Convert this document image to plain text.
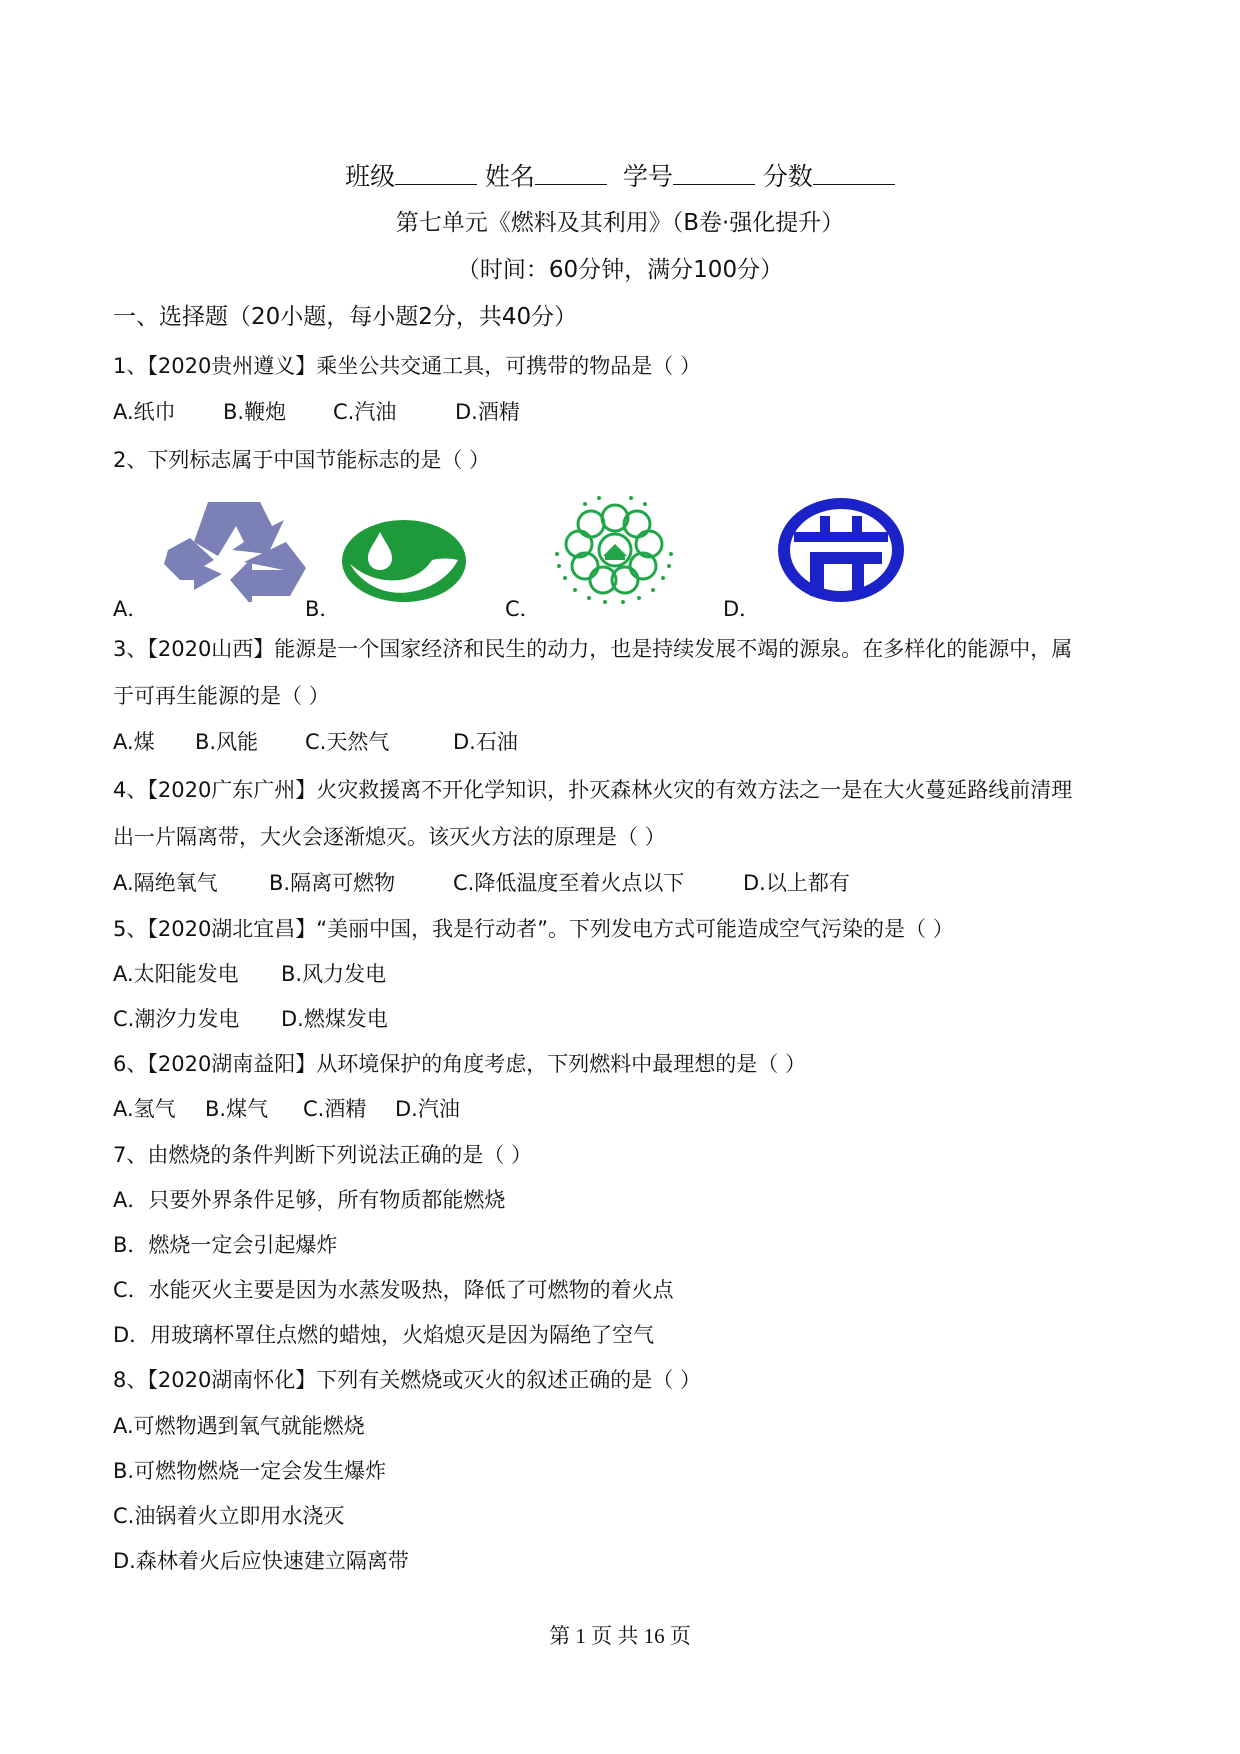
班级	姓名	学号	分数
第七单元《燃料及其利用》（B卷·强化提升）
（时间：60分钟，满分100分）
一、选择题（20小题，每小题2分，共40分）
1、【2020贵州遵义】乘坐公共交通工具，可携带的物品是（ ）
A.纸巾 B.鞭炮 C.汽油	D.酒精
2、下列标志属于中国节能标志的是（ ）
A．	B．	C．	D．
3、【2020山西】能源是一个国家经济和民生的动力，也是持续发展不竭的源泉。在多样化的能源中，属
于可再生能源的是（ ）
A.煤 B.风能 C.天然气	D.石油
4、【2020广东广州】火灾救援离不开化学知识，扑灭森林火灾的有效方法之一是在大火蔓延路线前清理
出一片隔离带，大火会逐渐熄灭。该灭火方法的原理是（ ）
A.隔绝氧气 B.隔离可燃物	C.降低温度至着火点以下	D.以上都有
5、【2020湖北宜昌】“美丽中国，我是行动者”。下列发电方式可能造成空气污染的是（ ）
A.太阳能发电 B.风力发电
C.潮汐力发电 D.燃煤发电
6、【2020湖南益阳】从环境保护的角度考虑，下列燃料中最理想的是（ ）
A.氢气 B.煤气 C.酒精 D.汽油
7、由燃烧的条件判断下列说法正确的是（ ）
A．只要外界条件足够，所有物质都能燃烧
B．燃烧一定会引起爆炸
C．水能灭火主要是因为水蒸发吸热，降低了可燃物的着火点
D．用玻璃杯罩住点燃的蜡烛，火焰熄灭是因为隔绝了空气
8、【2020湖南怀化】下列有关燃烧或灭火的叙述正确的是（ ）
A.可燃物遇到氧气就能燃烧
B.可燃物燃烧一定会发生爆炸
C.油锅着火立即用水浇灭
D.森林着火后应快速建立隔离带
第 1 页 共 16 页
